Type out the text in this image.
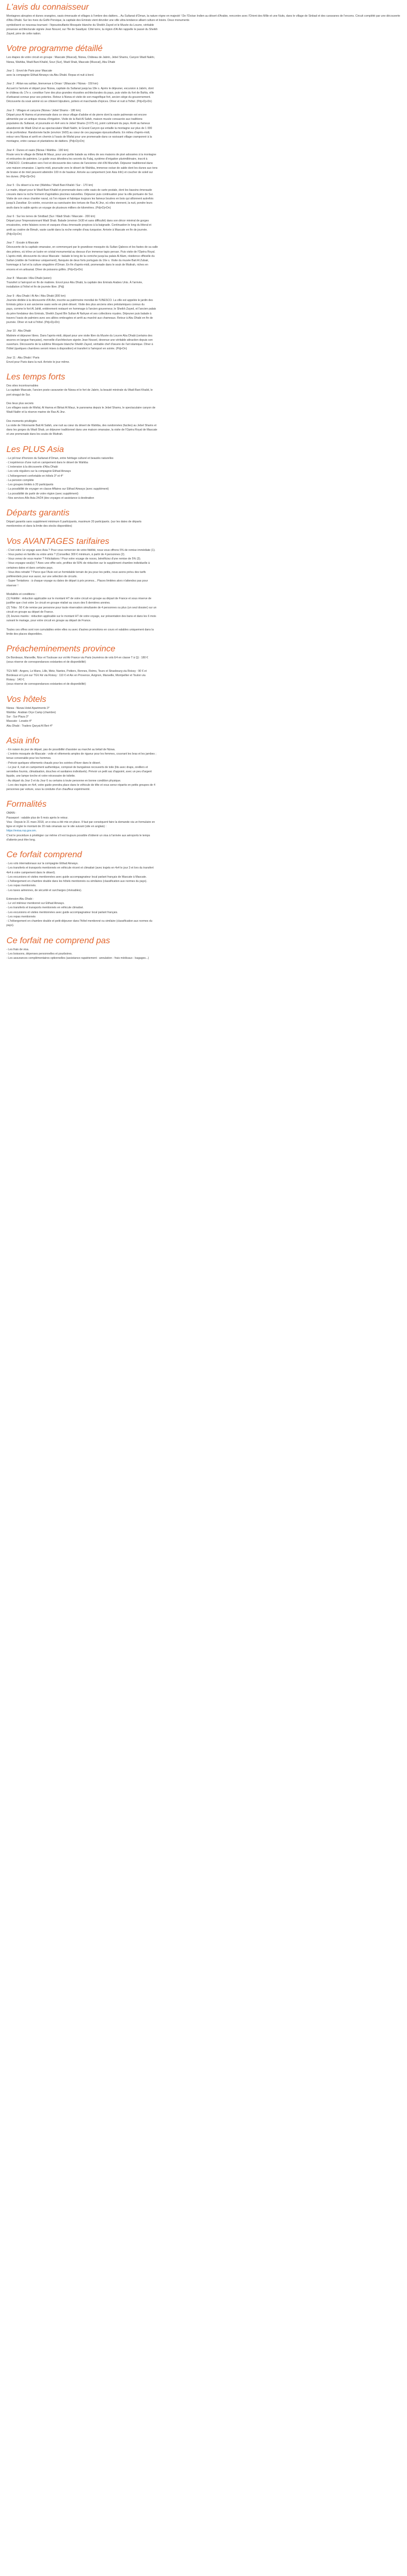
L'avis du connaisseur

Montagnes abruptes et dunes orangées, oasis émeraude et villages à l'ombre des dattiers... Au Sultanat d'Oman, la nature règne en majesté ! De l'Océan Indien au désert d'Arabie, rencontre avec l'Orient des Mille et une Nuits, dans le village de Sinbad et des caravanes de l'encens. Circuit complété par une découverte d'Abu Dhabi. Sur les rives du Golfe Persique, la capitale des Emirats vient dévoiler une ville ultra-tendance alliant culture et loisirs. Deux monuments

symbolisent ce nouveau tournant : l'époustouflante Mosquée blanche du Sheikh Zayed et le Musée du Louvre, véritable

prouesse architecturale signée Jean Nouvel, sur l'île de Saadiyat. Côté terre, la région d'Al Ain rappelle le passé du Sheikh

Zayed, père de cette nation.

Votre programme détaillé

Les étapes de votre circuit en groupe : Mascate (Muscat), Nizwa, Château de Jabrin, Jebel Shams, Canyon Wadi Nakhr,

Nizwa, Wahiba, Wadi Bani Khalid, Sour (Sur), Wadi Shab, Mascate (Muscat), Abu Dhabi

Jour 1 : Envol de Paris pour Mascate

avec la compagnie Etihad Airways via Abu Dhabi. Repas et nuit à bord.

Jour 2 : Ahlan wa sahlan, bienvenue à Oman ! (Mascate / Nizwa - 150 km)

Accueil à l'arrivée et départ pour Nizwa, capitale du Sultanat jusqu'au 18e s. Après le déjeuner, excursion à Jabrin, dont

le château du 17e s. constitue l'une des plus grandes réussites architecturales du pays, puis visite du fort de Bahla, ville

d'artisanat connue pour ses poteries. Retour à Nizwa et visite de son magnifique fort, ancien siège du gouvernement.

Découverte du souk animé où se côtoient bijoutiers, potiers et marchands d'épices. Dîner et nuit à l'hôtel. (Pdj+Dj+Dn)

Jour 3 : Villages et canyons (Nizwa / Jebel Shams - 180 km)

Départ pour Al Hamra et promenade dans ce vieux village d'adobe et de pierre dont la vaste palmeraie est encore

alimentée par un antique réseau d'irrigation. Visite de la Bait Al Safah, maison musée consacrée aux traditions

populaires du Sultanat, et poursuite en 4x4 vers le Jebel Shams (3 075 m), point culminant du pays. Arrêt au fameux

abandonné de Wadi Ghul et au spectaculaire Wadi Nakhr, le Grand Canyon qui entaille la montagne sur plus de 1 000

m de profondeur. Randonnée facile (environ 1h00) au cœur de ces paysages époustouflants. En milieu d'après-midi,

retour vers Nizwa et arrêt en chemin à l'oasis de Misfat pour une promenade dans ce ravissant village cramponné à la

montagne, entre canaux et plantations de dattiers. (Pdj+Dj+Dn)

Jour 4 : Dunes et oasis (Nizwa / Wahiba - 190 km)

Route vers le village de Birkat Al Mauz, pour une petite balade au milieu de ses maisons de pisé adossées à la montagne

et entourées de palmiers. Le guide vous dévoilera les secrets du Falaj, système d'irrigation plurimillénaire, inscrit à

l'UNESCO. Continuation vers l'est et découverte des ruines de l'ancienne cité d'Al Munzfah. Déjeuner traditionnel dans

une maison omanaise. L'après-midi, poursuite vers le désert de Wahiba, immense océan de sable dont les dunes aux tons

de braise et de miel peuvent atteindre 100 m de hauteur. Arrivée au campement (voir Asia Info) et coucher de soleil sur

les dunes. (Pdj+Dj+Dn)

Jour 5 : Du désert à la mer (Wahiba / Wadi Bani Khalid / Sur - 170 km)

Le matin, départ pour le Wadi Bani Khalid et promenade dans cette oasis de carte postale, dont les bassins émeraude

creusés dans la roche forment d'agréables piscines naturelles. Déjeuner puis continuation pour la ville portuaire de Sur.

Visite de son vieux chantier naval, où l'on répare et fabrique toujours les fameux boutres en bois qui sillonnent autrefois

jusqu'à Zanzibar. En soirée, excursion au sanctuaire des tortues de Ras Al Jinz, où elles viennent, la nuit, pondre leurs

œufs dans le sable après un voyage de plusieurs milliers de kilomètres. (Pdj+Dj+Dn)

Jour 6 : Sur les terres de Sindbad (Sur / Wadi Shab / Mascate - 200 km)

Départ pour l'impressionnant Wadi Shab. Balade (environ 1h30 et sans difficulté) dans son décor minéral de gorges

encaissées, entre falaises ocres et vasques d'eau émeraude propices à la baignade. Continuation le long du littoral et

arrêt au cratère de Bimah, vaste cavité dans la roche remplie d'eau turquoise. Arrivée à Mascate en fin de journée.

(Pdj+Dj+Dn)

Jour 7 : Escale à Mascate

Découverte de la capitale omanaise, en commençant par le grandiose mosquée du Sultan Qaboos et les fastes de sa salle

des prières, où trône un lustre en cristal monumental au dessus d'un immense tapis persan. Puis visite de l'Opéra Royal.

L'après-midi, découverte du vieux Mascate : balade le long de la corniche jusqu'au palais Al Alam, résidence officielle du

Sultan (visible de l'extérieur uniquement), flanquée de deux forts portugais du 16e s. Visite du musée Bait Al Zubair,

hommage à l'art et la culture singulière d'Oman. En fin d'après-midi, promenade dans le souk de Muttrah, riches en

encens et en artisanat. Dîner de poissons grillés. (Pdj+Dj+Dn)

Jour 8 : Mascate / Abu Dhabi (avion)

Transfert à l'aéroport en fin de matinée. Envol pour Abu Dhabi, la capitale des Emirats Arabes Unis. À l'arrivée,

installation à l'hôtel et fin de journée libre. (Pdj)

Jour 9 : Abu Dhabi / Al Ain / Abu Dhabi (300 km)

Journée dédiée à la découverte d'Al Ain, inscrite au patrimoine mondial de l'UNESCO. La ville est appelée le jardin des

Emirats grâce à son ancienne oasis verte en plein désert. Visite des plus anciens sites préislamiques connus du

pays, comme le fort Al Jahili, entièrement restauré en hommage à l'ancien gouverneur, le Sheikh Zayed, et l'ancien palais

du père fondateur des Emirats, Sheikh Zayed Bin Sultan Al Nahyan et ses collections royales. Déjeuner puis balade à

travers l'oasis de palmiers avec ses allées ombragées et arrêt au marché aux chameaux. Retour à Abu Dhabi en fin de

journée. Dîner et nuit à l'hôtel. (Pdj+Dj+Dn)

Jour 10 : Abu Dhabi

Matinée et déjeuner libres. Dans l'après-midi, départ pour une visite libre du Musée du Louvre Abu Dhabi (certains des

œuvres en langue française), merveille d'architecture signée Jean Nouvel, devenue une véritable attraction depuis son

ouverture. Découverte de la sublime Mosquée blanche Sheikh Zayed, véritable chef d'œuvre de l'art islamique. Dîner à

l'hôtel (quelques chambres seront mises à disposition) et transfert à l'aéroport en soirée. (Pdj+Dn)

Jour 11 : Abu Dhabi / Paris

Envol pour Paris dans la nuit. Arrivée le jour même.

Les temps forts

Des sites incontournables

La capitale Mascate, l'ancien poste caravanier de Nizwa et le fort de Jabrin, la beauté minérale du Wadi Bani Khalid, le

port sinagul de Sur.

Des lieux plus secrets

Les villages oasis de Misfat, Al Hamra et Birkat Al Mauz, le panorama depuis le Jebel Shams, le spectaculaire canyon de

Wadi Nakhr et la réserve marine de Ras Al Jinz.

Des moments privilégiés

La visite de l'étonnante Bait Al Safah, une nuit au cœur du désert de Wahiba, des randonnées (faciles) au Jebel Shams et

dans les gorges du Wadi Shab, un déjeuner traditionnel dans une maison omanaise, la visite de l'Opéra Royal de Mascate

et une promenade dans les souks de Muttrah.

Les PLUS Asia

- Le joli tour d'horizon du Sultanat d'Oman, entre héritage culturel et beautés naturelles

- L'expérience d'une nuit en campement dans le désert de Wahiba

- L'extension à la découverte d'Abu Dhabi

- Les vols réguliers sur la compagnie Etihad Airways

- L'hébergement confortable en hôtels 3* et 4*

- La pension complète

- Les groupes limités à 20 participants

- La possibilité de voyager en classe Affaires sur Etihad Airways (avec supplément)

- La possibilité de partir de votre région (avec supplément)

- Nos services Allo Asia 24/24 (des voyages et assistance à destination

Départs garantis

Départ garantis sans supplément minimum 6 participants, maximum 20 participants. (sur les dates de départs

mentionnées et dans la limite des stocks disponibles)

Vos AVANTAGES tarifaires

- C'est votre 1e voyage avec Asia ? Pour vous remercier de votre fidélité, nous vous offrons 5% de remise immédiate (1).

- Vous partez en famille ou entre amis ? (Conseillez 300 € minimum, à partir de 4 personnes (2).

- Vous venez de vous marier ? Félicitations ! Pour votre voyage de noces, bénéficiez d'une remise de 5% (3).

- Vous voyagez seul(e) ? Avec une offre solo, profitez de 50% de réduction sur le supplément chambre individuelle à

certaines dates et dans certains pays.

- Vous êtes retraité ? Parce que l'Asie est un formidable terrain de jeu pour les petits, nous avons prévu des tarifs

préférentiels pour eux aussi, sur une sélection de circuits.

- Super Tentations : à chaque voyage ou dates de départ à prix promos... Places limitées alors n'attendez pas pour

réserver !

Modalités et conditions :

(1) Fidélité : réduction applicable sur le montant HT de votre circuit en groupe au départ de France et sous réserve de

justifier que c'est votre 1e circuit en groupe réalisé au cours des 6 dernières années.

(2) Tribu : 50 € de remise par personne pour toute réservation simultanée de 4 personnes ou plus (un seul dossier) sur un

circuit en groupe au départ de France.

(3) Jeunes mariés : réduction applicable sur le montant HT de votre voyage, sur présentation des bans et dans les 6 mois

suivant le mariage, pour votre circuit en groupe au départ de France.

Toutes ces offres sont non cumulables entre elles ou avec d'autres promotions en cours et valables uniquement dans la

limite des places disponibles.

Préacheminements province

De Bordeaux, Marseille, Nice et Toulouse sur vol Air France via Paris (numéros de vols E4 en classe T à Q) : 180 €

(sous réserve de correspondances existantes et de disponibilité)

TGV AIR : Angers, Le Mans, Lille, Metz, Nantes, Poitiers, Rennes, Reims, Tours et Strasbourg via Roissy : 90 € et

Bordeaux et Lyon sur TGV Air via Roissy : 110 € et Aix en Provence, Avignon, Marseille, Montpellier et Toulon via

Roissy : 140 €.

(sous réserve de correspondances existantes et de disponibilité)

Vos hôtels

Nizwa : Nizwa Hotel Apartments 3*

Wahiba : Arabian Oryx Camp (chambre)

Sur : Sur Plaza 3*

Mascate : Levatio 4*

Abu Dhabi : Traders Qaryat Al Beri 4*

Asia info

- En raison du jour de départ, pas de possibilité d'assister au marché au bétail de Nizwa.

- L'entrée mosquée de Mascate : voile et vêtements amples de rigueur pour les femmes, couvrant les bras et les jambes ;

tenue convenable pour les hommes.

- Prévoir quelques vêtements chauds pour les soirées d'hiver dans le désert.

- Le jour 4, nuit en campement authentique, composé de bungalows recouverts de toile (lits avec draps, oreillers et

serviettes fournis, climatisation, douches et sanitaires individuels). Prévoir un petit sac d'appoint, avec un peu d'argent

liquide, une lampe torche et votre nécessaire de toilette.

- Au départ du Jour 3 et du Jour 6 ou certains à toute personne en bonne condition physique.

- Lors des trajets en 4x4, votre guide prendra place dans le véhicule de tête et vous serez répartis en petits groupes de 4

personnes par voiture, sous la conduite d'un chauffeur expérimenté.

Formalités

OMAN :

Passeport : valable plus de 6 mois après le retour.

Visa : Depuis le 21 mars 2018, un e-visa a été mis en place. Il faut par conséquent faire la demande via un formulaire en

ligne et régler le montant de 20 rials omanais sur le site suivant (site en anglais) :

https://evisa.rop.gov.om.

C'est le procédure à privilégier car même s'il est toujours possible d'obtenir un visa à l'arrivée aux aéroports le temps

d'attente peut être long.

Ce forfait comprend

- Les vols internationaux sur la compagnie Etihad Airways.

- Les transferts et transports mentionnés en véhicule récent et climatisé (avec trajets en 4x4 le jour 3 et lors du transfert

4x4 à votre campement dans le désert).

- Les excursions et visites mentionnées avec guide accompagnateur local parlant français de Mascate à Mascate.

- L'hébergement en chambre double dans les hôtels mentionnés ou similaires (classification aux normes du pays).

- Les repas mentionnés.

- Les taxes aériennes, de sécurité et surcharges (révisables).

Extension Abu Dhabi :

- Le vol intérieur mentionné sur Etihad Airways.

- Les transferts et transports mentionnés en véhicule climatisé.

- Les excursions et visites mentionnées avec guide accompagnateur local parlant français.

- Les repas mentionnés

- L'hébergement en chambre double et petit-déjeuner dans l'hôtel mentionné ou similaire (classification aux normes du

pays).

Ce forfait ne comprend pas

- Les frais de visa.

- Les boissons, dépenses personnelles et pourboires.

- Les assurances complémentaires optionnelles (assistance-rapatriement - annulation - frais médicaux - bagages...)
